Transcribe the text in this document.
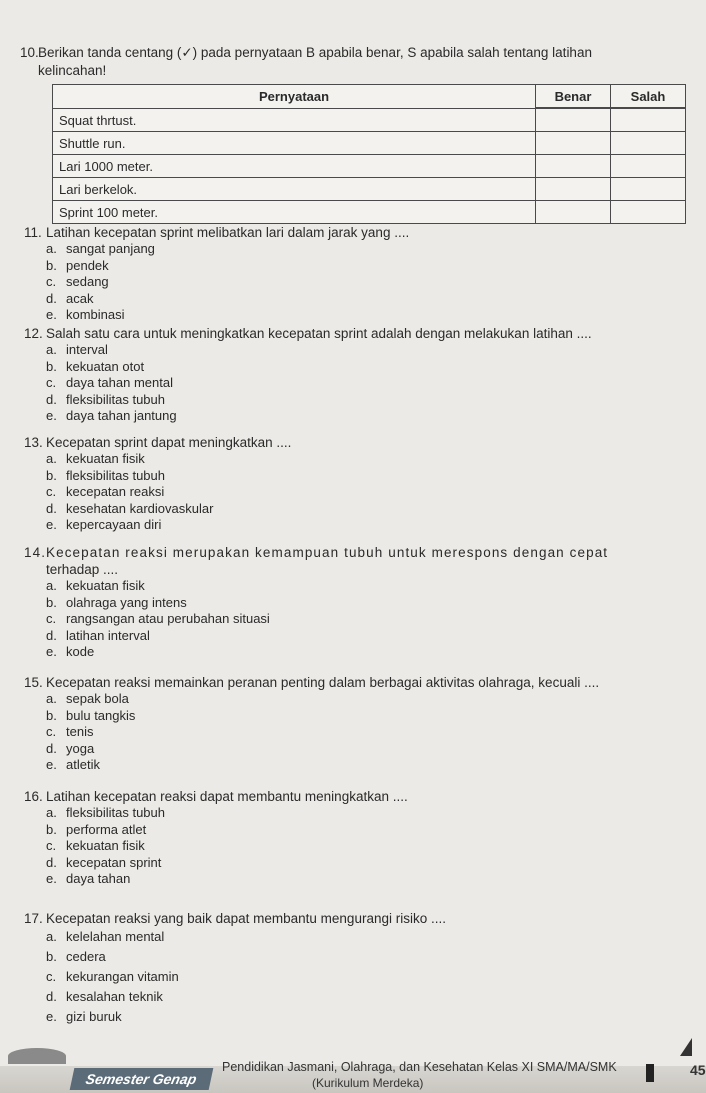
10. Berikan tanda centang (✓) pada pernyataan B apabila benar, S apabila salah tentang latihan
kelincahan!
Pernyataan	Benar	Salah

Squat thrtust.		
Shuttle run.		
Lari 1000 meter.		
Lari berkelok.		
Sprint 100 meter.		
11. Latihan kecepatan sprint melibatkan lari dalam jarak yang ....
a. sangat panjang
b. pendek
c. sedang
d. acak
e. kombinasi
12. Salah satu cara untuk meningkatkan kecepatan sprint adalah dengan melakukan latihan ....
a. interval
b. kekuatan otot
c. daya tahan mental
d. fleksibilitas tubuh
e. daya tahan jantung
13. Kecepatan sprint dapat meningkatkan ....
a. kekuatan fisik
b. fleksibilitas tubuh
c. kecepatan reaksi
d. kesehatan kardiovaskular
e. kepercayaan diri
14.Kecepatan reaksi merupakan kemampuan tubuh untuk merespons dengan cepat
terhadap ....
a. kekuatan fisik
b. olahraga yang intens
c. rangsangan atau perubahan situasi
d. latihan interval
e. kode
15. Kecepatan reaksi memainkan peranan penting dalam berbagai aktivitas olahraga, kecuali ....
a. sepak bola
b. bulu tangkis
c. tenis
d. yoga
e. atletik
16. Latihan kecepatan reaksi dapat membantu meningkatkan ....
a. fleksibilitas tubuh
b. performa atlet
c. kekuatan fisik
d. kecepatan sprint
e. daya tahan
17. Kecepatan reaksi yang baik dapat membantu mengurangi risiko ....
a. kelelahan mental
b. cedera
c. kekurangan vitamin
d. kesalahan teknik
e. gizi buruk
Semester Genap
Pendidikan Jasmani, Olahraga, dan Kesehatan Kelas XI SMA/MA/SMK
(Kurikulum Merdeka)
45
